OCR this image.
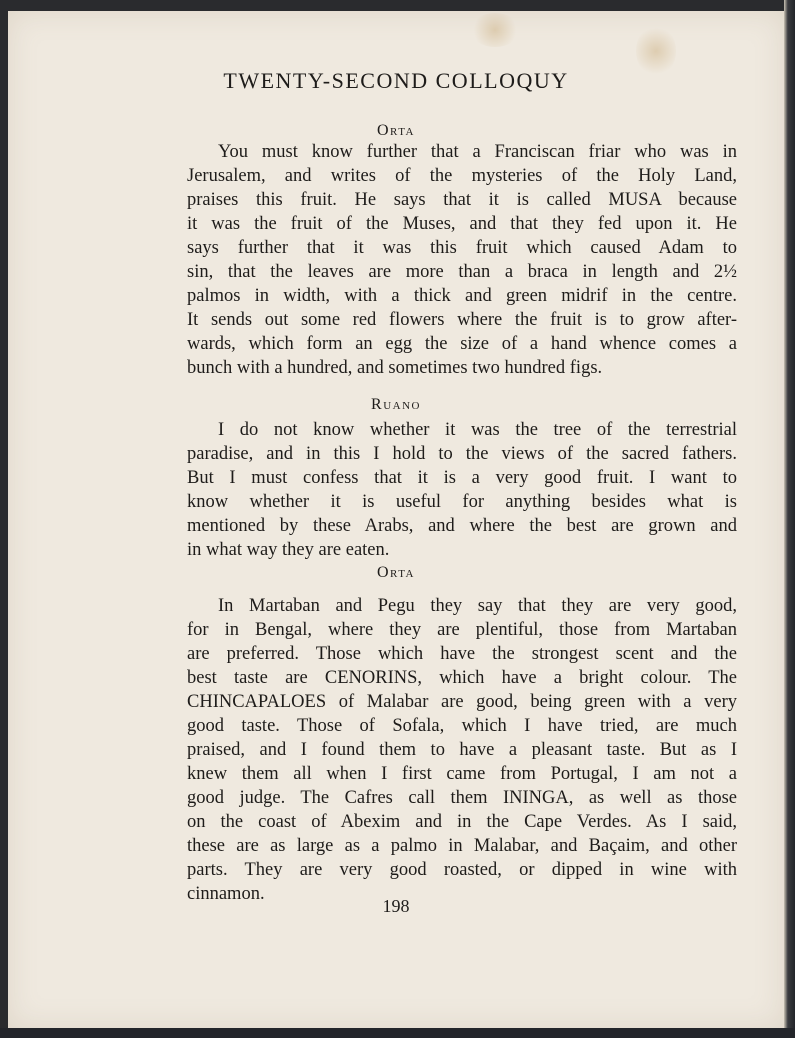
TWENTY-SECOND COLLOQUY
Orta
You must know further that a Franciscan friar who was in
Jerusalem, and writes of the mysteries of the Holy Land,
praises this fruit. He says that it is called MUSA because
it was the fruit of the Muses, and that they fed upon it. He
says further that it was this fruit which caused Adam to
sin, that the leaves are more than a braca in length and 2½
palmos in width, with a thick and green midrif in the centre.
It sends out some red flowers where the fruit is to grow after-
wards, which form an egg the size of a hand whence comes a
bunch with a hundred, and sometimes two hundred figs.
Ruano
I do not know whether it was the tree of the terrestrial
paradise, and in this I hold to the views of the sacred fathers.
But I must confess that it is a very good fruit. I want to
know whether it is useful for anything besides what is
mentioned by these Arabs, and where the best are grown and
in what way they are eaten.
Orta
In Martaban and Pegu they say that they are very good,
for in Bengal, where they are plentiful, those from Martaban
are preferred. Those which have the strongest scent and the
best taste are CENORINS, which have a bright colour. The
CHINCAPALOES of Malabar are good, being green with a very
good taste. Those of Sofala, which I have tried, are much
praised, and I found them to have a pleasant taste. But as I
knew them all when I first came from Portugal, I am not a
good judge. The Cafres call them ININGA, as well as those
on the coast of Abexim and in the Cape Verdes. As I said,
these are as large as a palmo in Malabar, and Baçaim, and other
parts. They are very good roasted, or dipped in wine with
cinnamon.
198
